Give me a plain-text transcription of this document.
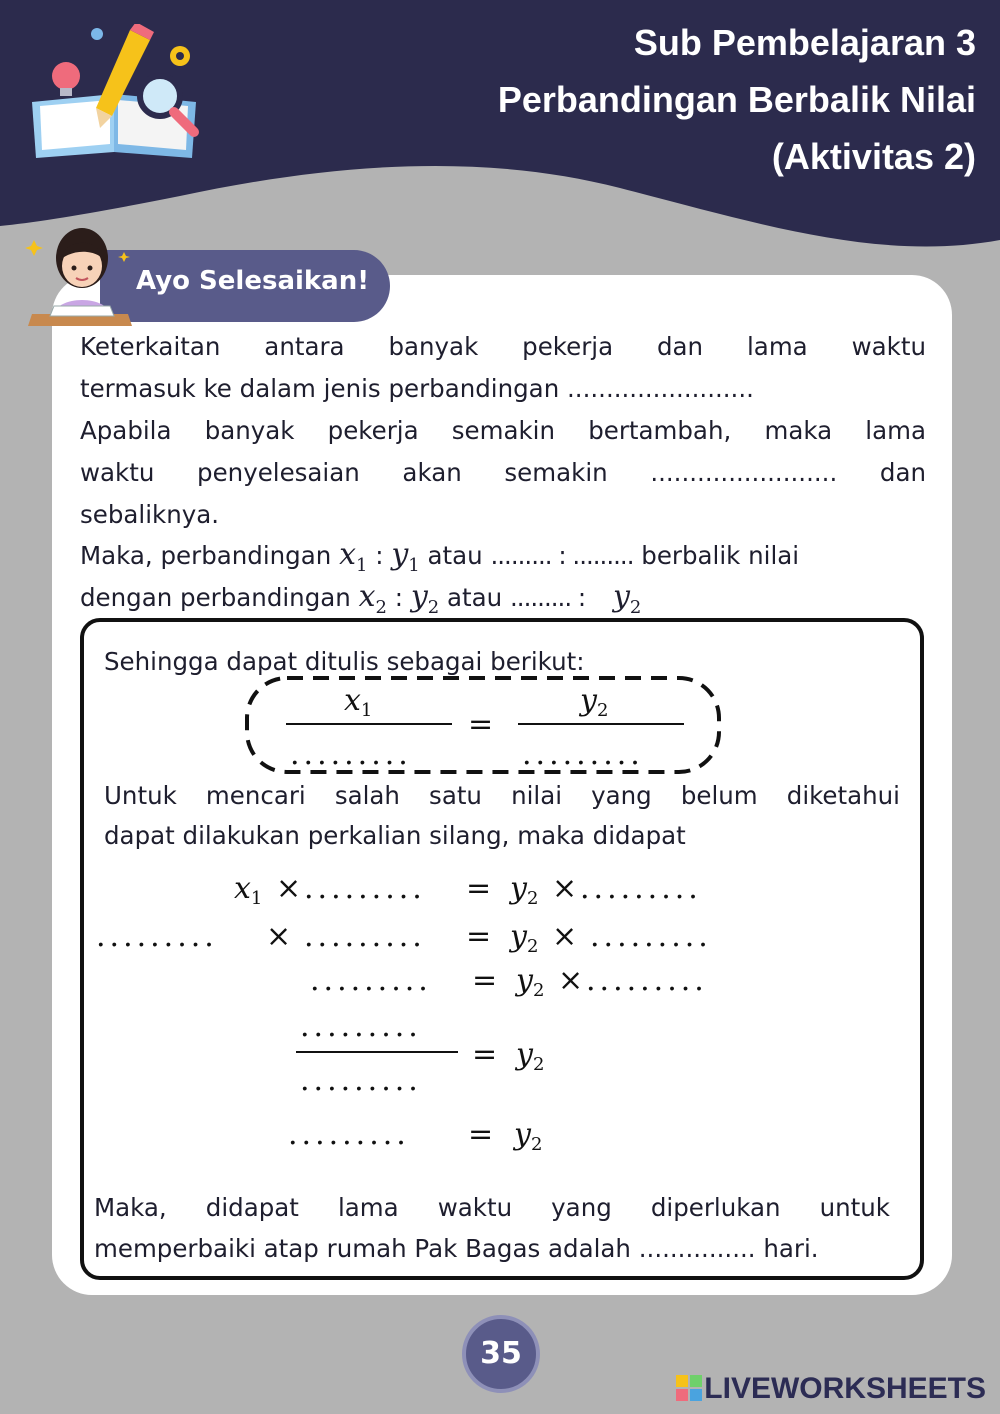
Sub Pembelajaran 3
Perbandingan Berbalik Nilai
(Aktivitas 2)
Ayo Selesaikan!
Keterkaitan antara banyak pekerja dan lama waktu
termasuk ke dalam jenis perbandingan ........................
Apabila banyak pekerja semakin bertambah, maka lama
waktu penyelesaian akan semakin ........................ dan
sebaliknya.
Maka, perbandingan $x_1$ : $y_1$ atau ......... : ......... berbalik nilai
dengan perbandingan $x_2$ : $y_2$ atau ......... : $y_2$
Sehingga dapat ditulis sebagai berikut:
Untuk mencari salah satu nilai yang belum diketahui
dapat dilakukan perkalian silang, maka didapat
Maka, didapat lama waktu yang diperlukan untuk
memperbaiki atap rumah Pak Bagas adalah ............... hari.
$x_1$
.........
=
$y_2$
.........
$x_1$ × ......... = $y_2$ × .........
......... × ......... = $y_2$ × .........
......... = $y_2$ × .........
.........
.........
= $y_2$
......... = $y_2$
35
LIVEWORKSHEETS
